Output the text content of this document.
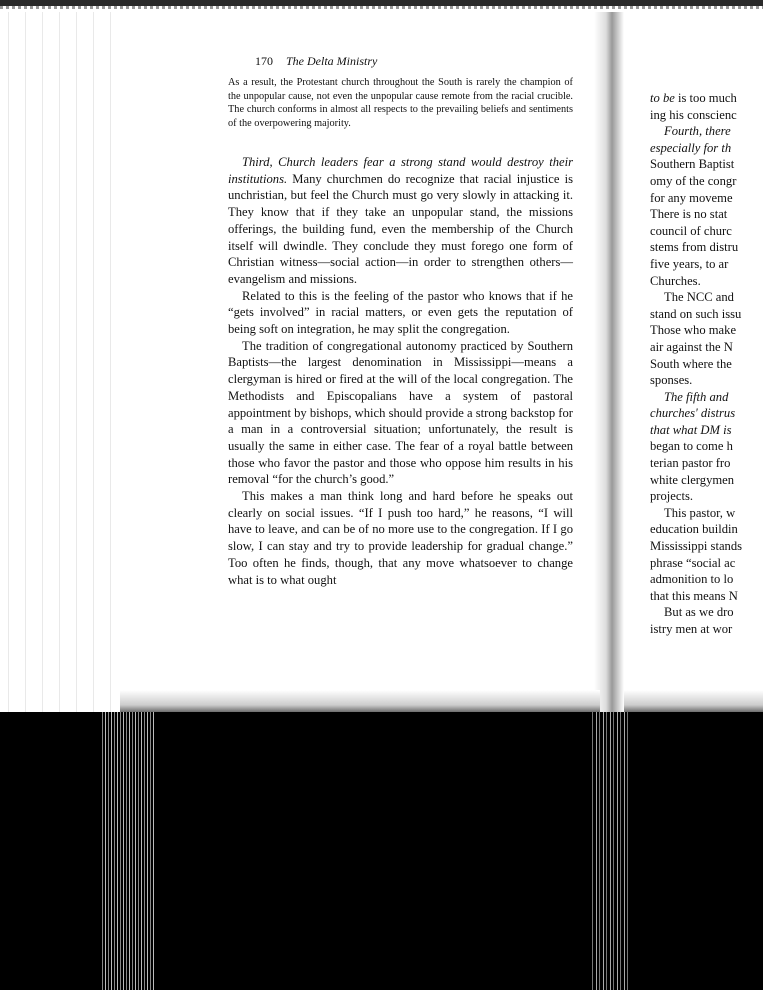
170 The Delta Ministry
As a result, the Protestant church throughout the South is rarely the champion of the unpopular cause, not even the unpopular cause remote from the racial crucible. The church conforms in almost all respects to the prevailing beliefs and sentiments of the overpowering majority.

Third, Church leaders fear a strong stand would destroy their institutions. Many churchmen do recognize that racial injustice is unchristian, but feel the Church must go very slowly in attacking it. They know that if they take an unpopular stand, the missions offerings, the building fund, even the membership of the Church itself will dwindle. They conclude they must forego one form of Christian witness—social action—in order to strengthen others—evangelism and missions.

Related to this is the feeling of the pastor who knows that if he “gets involved” in racial matters, or even gets the reputation of being soft on integration, he may split the congregation.

The tradition of congregational autonomy practiced by Southern Baptists—the largest denomination in Mississippi—means a clergyman is hired or fired at the will of the local congregation. The Methodists and Episcopalians have a system of pastoral appointment by bishops, which should provide a strong backstop for a man in a controversial situation; unfortunately, the result is usually the same in either case. The fear of a royal battle between those who favor the pastor and those who oppose him results in his removal “for the church’s good.”

This makes a man think long and hard before he speaks out clearly on social issues. “If I push too hard,” he reasons, “I will have to leave, and can be of no more use to the congregation. If I go slow, I can stay and try to provide leadership for gradual change.” Too often he finds, though, that any move whatsoever to change what is to what ought

to be is too much
ing his conscienc
Fourth, there
especially for th
Southern Baptist
omy of the congr
for any moveme
There is no stat
council of churc
stems from distru
five years, to ar
Churches.
The NCC and
stand on such issu
Those who make
air against the N
South where the
sponses.
The fifth and
churches' distrus
that what DM is
began to come h
terian pastor fro
white clergymen
projects.
This pastor, w
education buildin
Mississippi stands
phrase “social ac
admonition to lo
that this means N
But as we dro
istry men at wor
